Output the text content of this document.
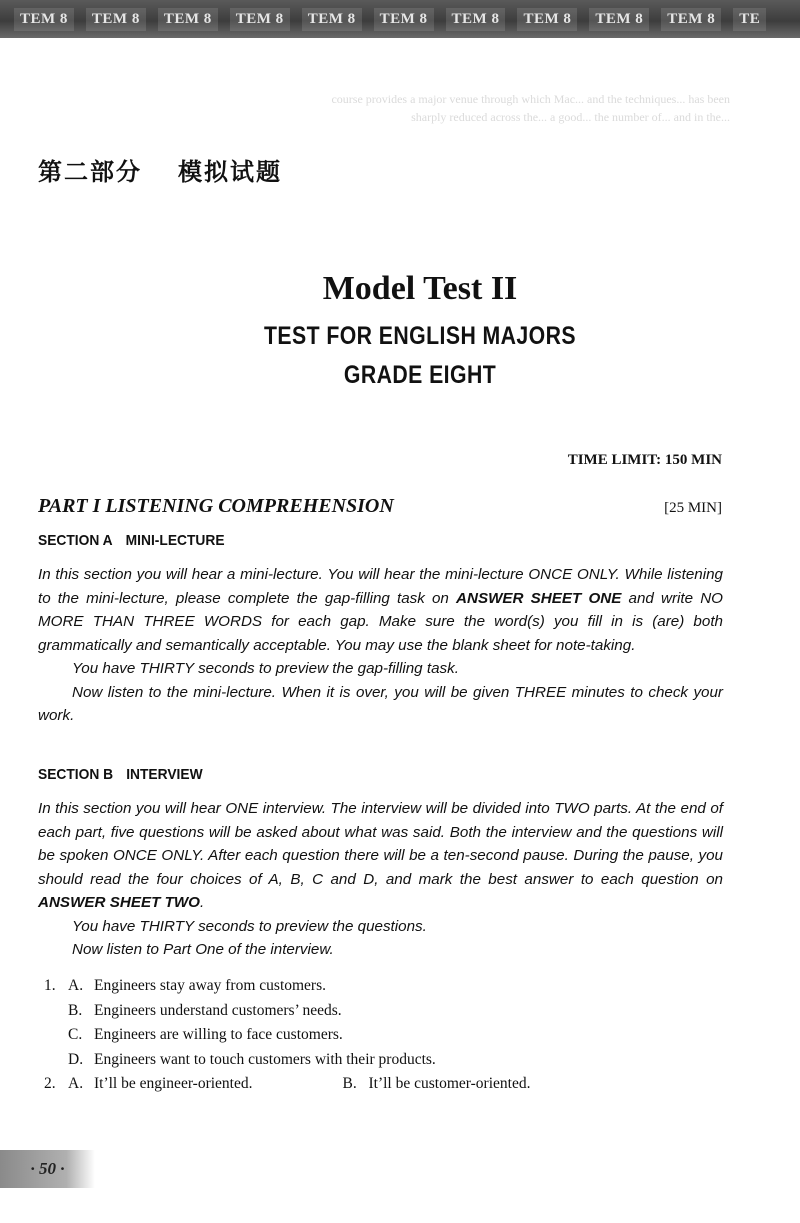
TEM 8	TEM 8	TEM 8	TEM 8	TEM 8	TEM 8	TEM 8	TEM 8	TEM 8	TEM 8	TE
course provides a major venue through which Mac... and the techniques... has been sharply reduced across the... a good... the number of... and in the...
第二部分 模拟试题
Model Test II
TEST FOR ENGLISH MAJORS
GRADE EIGHT
TIME LIMIT: 150 MIN
PART I LISTENING COMPREHENSION	[25 MIN]
SECTION A MINI-LECTURE

In this section you will hear a mini-lecture. You will hear the mini-lecture ONCE ONLY. While listening to the mini-lecture, please complete the gap-filling task on ANSWER SHEET ONE and write NO MORE THAN THREE WORDS for each gap. Make sure the word(s) you fill in is (are) both grammatically and semantically acceptable. You may use the blank sheet for note-taking.

You have THIRTY seconds to preview the gap-filling task.

Now listen to the mini-lecture. When it is over, you will be given THREE minutes to check your work.

SECTION B INTERVIEW

In this section you will hear ONE interview. The interview will be divided into TWO parts. At the end of each part, five questions will be asked about what was said. Both the interview and the questions will be spoken ONCE ONLY. After each question there will be a ten-second pause. During the pause, you should read the four choices of A, B, C and D, and mark the best answer to each question on ANSWER SHEET TWO.

You have THIRTY seconds to preview the questions.

Now listen to Part One of the interview.

1. A. Engineers stay away from customers.
B. Engineers understand customers’ needs.
C. Engineers are willing to face customers.
D. Engineers want to touch customers with their products.
2. A. It’ll be engineer-oriented.	B. It’ll be customer-oriented.
· 50 ·
